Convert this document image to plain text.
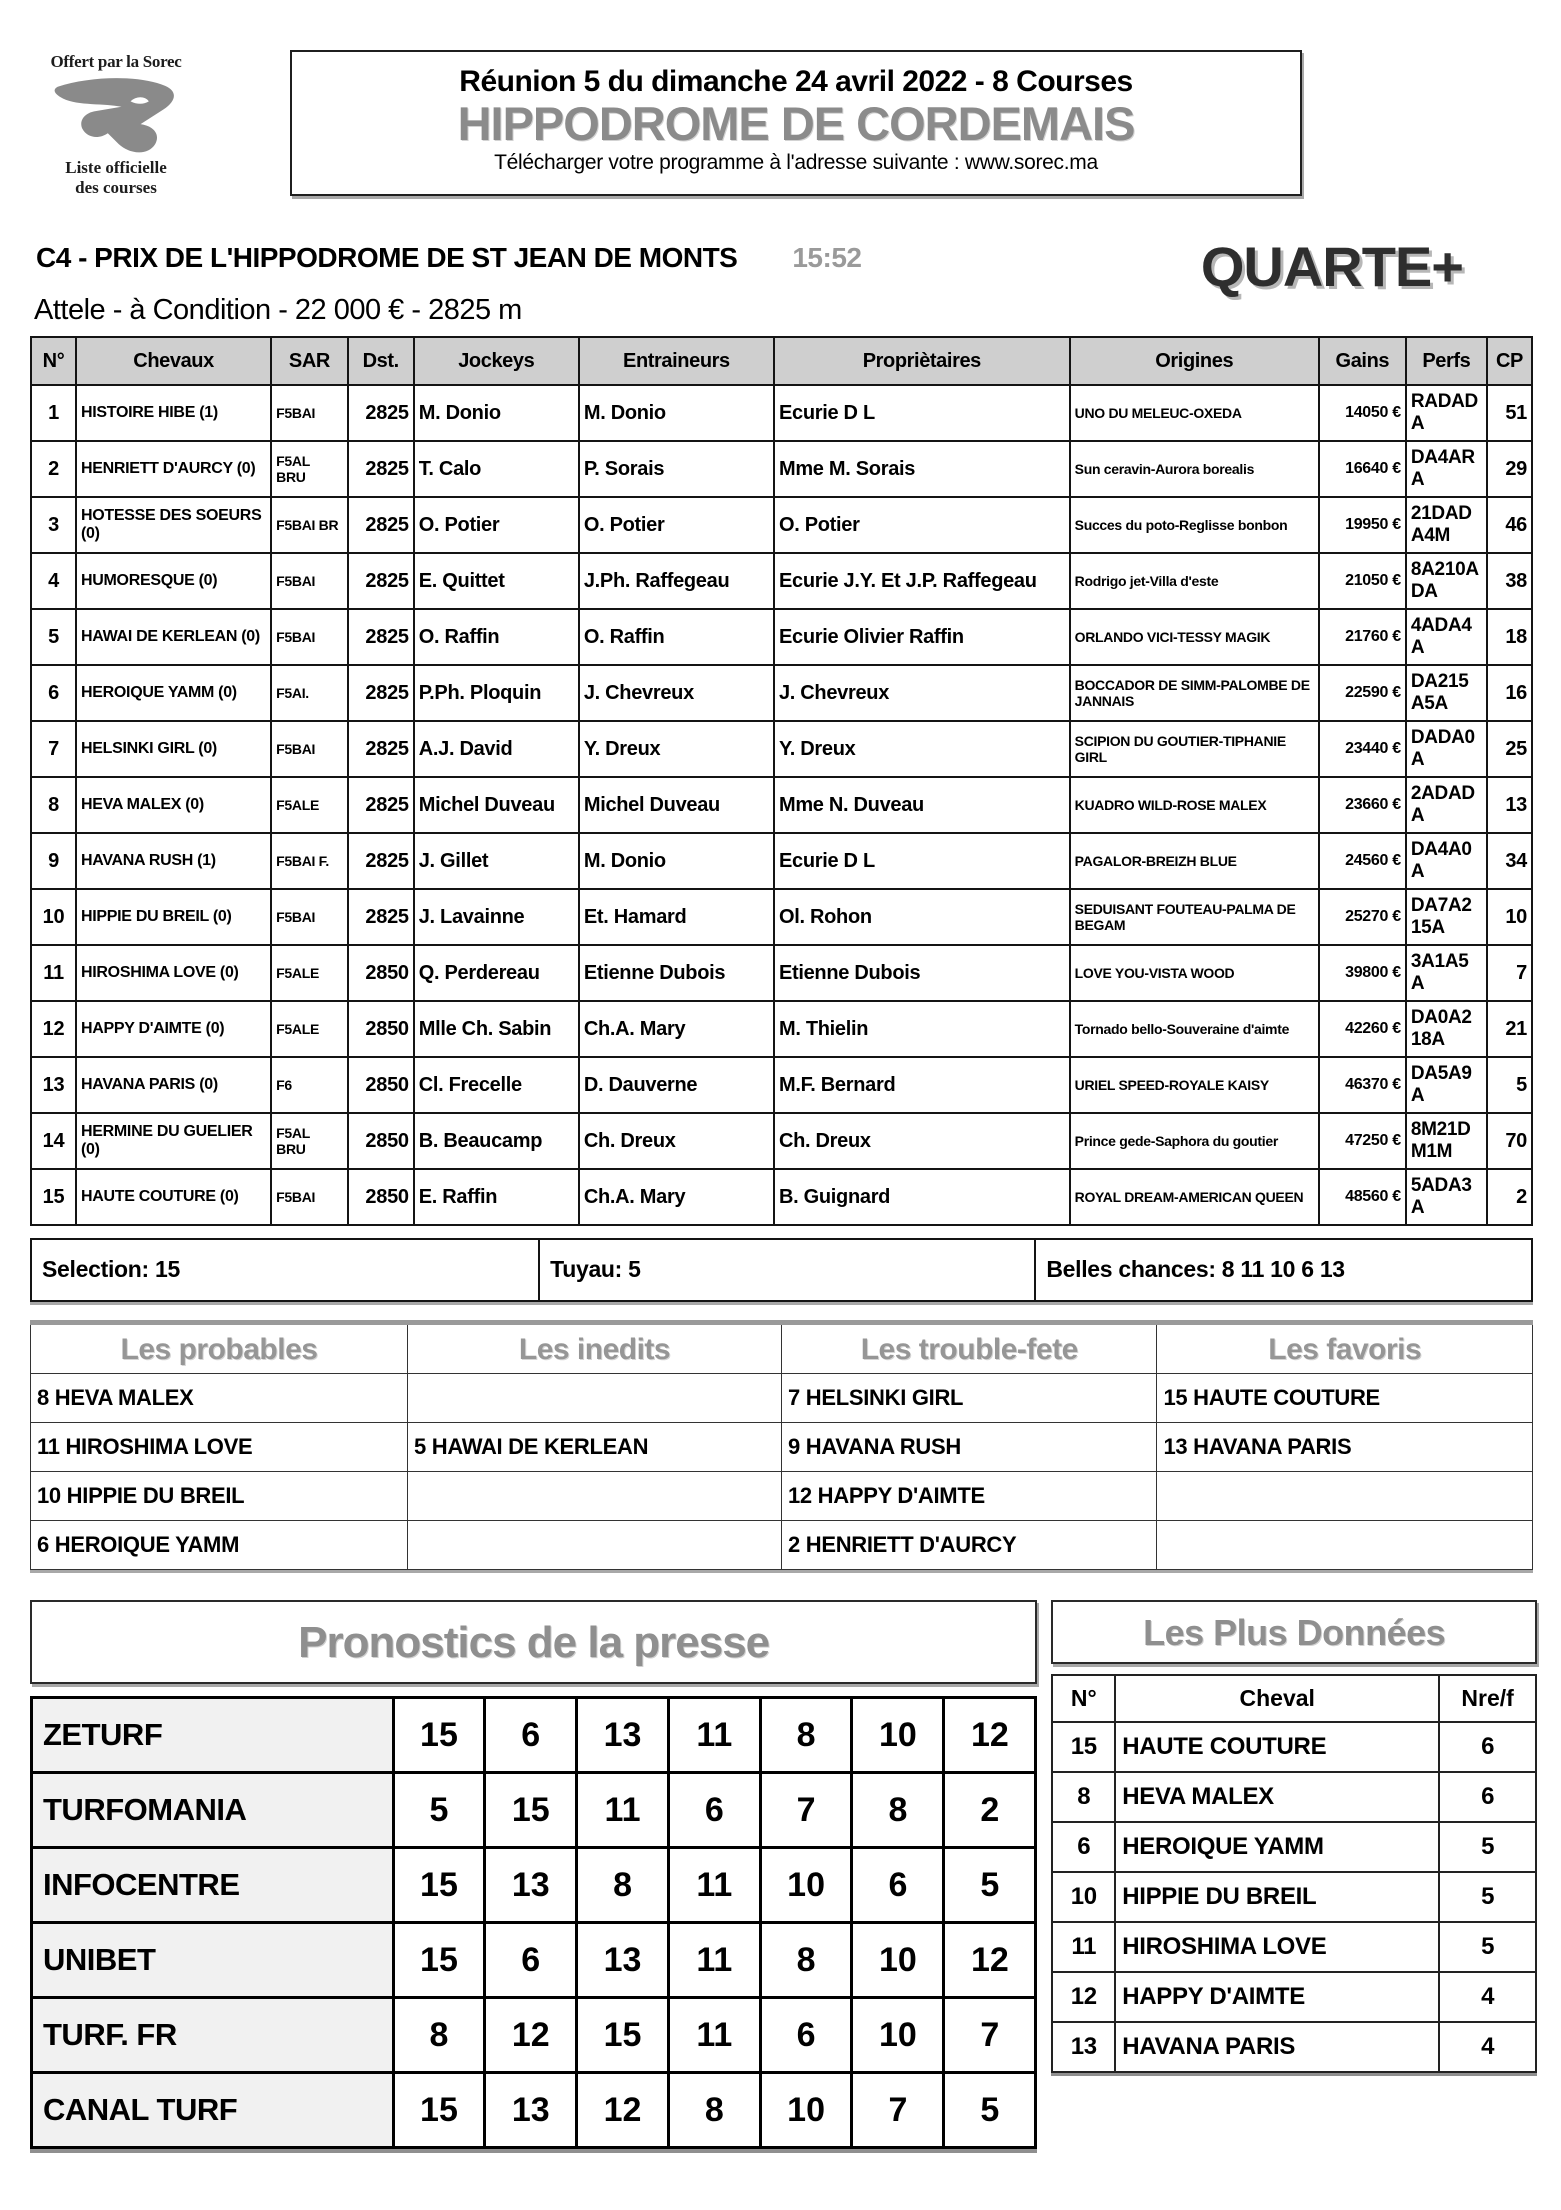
Offert par la Sorec
Liste officielle
des courses
Réunion 5 du dimanche 24 avril 2022 - 8 Courses
HIPPODROME DE CORDEMAIS
Télécharger votre programme à l'adresse suivante : www.sorec.ma
C4 - PRIX DE L'HIPPODROME DE ST JEAN DE MONTS 15:52	QUARTE+
Attele - à Condition - 22 000 € - 2825 m
N°	Chevaux	SAR	Dst.	Jockeys	Entraineurs	Propriètaires	Origines	Gains	Perfs	CP
1	HISTOIRE HIBE (1)	F5BAI	2825	M. Donio	M. Donio	Ecurie D L	UNO DU MELEUC-OXEDA	14050 €	RADADA	51
2	HENRIETT D'AURCY (0)	F5AL BRU	2825	T. Calo	P. Sorais	Mme M. Sorais	Sun ceravin-Aurora borealis	16640 €	DA4ARA	29
3	HOTESSE DES SOEURS (0)	F5BAI BR	2825	O. Potier	O. Potier	O. Potier	Succes du poto-Reglisse bonbon	19950 €	21DADA4M	46
4	HUMORESQUE (0)	F5BAI	2825	E. Quittet	J.Ph. Raffegeau	Ecurie J.Y. Et J.P. Raffegeau	Rodrigo jet-Villa d'este	21050 €	8A210ADA	38
5	HAWAI DE KERLEAN (0)	F5BAI	2825	O. Raffin	O. Raffin	Ecurie Olivier Raffin	ORLANDO VICI-TESSY MAGIK	21760 €	4ADA4A	18
6	HEROIQUE YAMM (0)	F5AI.	2825	P.Ph. Ploquin	J. Chevreux	J. Chevreux	BOCCADOR DE SIMM-PALOMBE DE JANNAIS	22590 €	DA215A5A	16
7	HELSINKI GIRL (0)	F5BAI	2825	A.J. David	Y. Dreux	Y. Dreux	SCIPION DU GOUTIER-TIPHANIE GIRL	23440 €	DADA0A	25
8	HEVA MALEX (0)	F5ALE	2825	Michel Duveau	Michel Duveau	Mme N. Duveau	KUADRO WILD-ROSE MALEX	23660 €	2ADADA	13
9	HAVANA RUSH (1)	F5BAI F.	2825	J. Gillet	M. Donio	Ecurie D L	PAGALOR-BREIZH BLUE	24560 €	DA4A0A	34
10	HIPPIE DU BREIL (0)	F5BAI	2825	J. Lavainne	Et. Hamard	Ol. Rohon	SEDUISANT FOUTEAU-PALMA DE BEGAM	25270 €	DA7A215A	10
11	HIROSHIMA LOVE (0)	F5ALE	2850	Q. Perdereau	Etienne Dubois	Etienne Dubois	LOVE YOU-VISTA WOOD	39800 €	3A1A5A	7
12	HAPPY D'AIMTE (0)	F5ALE	2850	Mlle Ch. Sabin	Ch.A. Mary	M. Thielin	Tornado bello-Souveraine d'aimte	42260 €	DA0A218A	21
13	HAVANA PARIS (0)	F6	2850	Cl. Frecelle	D. Dauverne	M.F. Bernard	URIEL SPEED-ROYALE KAISY	46370 €	DA5A9A	5
14	HERMINE DU GUELIER (0)	F5AL BRU	2850	B. Beaucamp	Ch. Dreux	Ch. Dreux	Prince gede-Saphora du goutier	47250 €	8M21DM1M	70
15	HAUTE COUTURE (0)	F5BAI	2850	E. Raffin	Ch.A. Mary	B. Guignard	ROYAL DREAM-AMERICAN QUEEN	48560 €	5ADA3A	2
Selection: 15	Tuyau: 5	Belles chances: 8 11 10 6 13
Les probables	Les inedits	Les trouble-fete	Les favoris
8 HEVA MALEX		7 HELSINKI GIRL	15 HAUTE COUTURE
11 HIROSHIMA LOVE	5 HAWAI DE KERLEAN	9 HAVANA RUSH	13 HAVANA PARIS
10 HIPPIE DU BREIL		12 HAPPY D'AIMTE	
6 HEROIQUE YAMM		2 HENRIETT D'AURCY	
Pronostics de la presse
ZETURF	15	6	13	11	8	10	12
TURFOMANIA	5	15	11	6	7	8	2
INFOCENTRE	15	13	8	11	10	6	5
UNIBET	15	6	13	11	8	10	12
TURF. FR	8	12	15	11	6	10	7
CANAL TURF	15	13	12	8	10	7	5
Les Plus Données
N°	Cheval	Nre/f
15	HAUTE COUTURE	6
8	HEVA MALEX	6
6	HEROIQUE YAMM	5
10	HIPPIE DU BREIL	5
11	HIROSHIMA LOVE	5
12	HAPPY D'AIMTE	4
13	HAVANA PARIS	4
